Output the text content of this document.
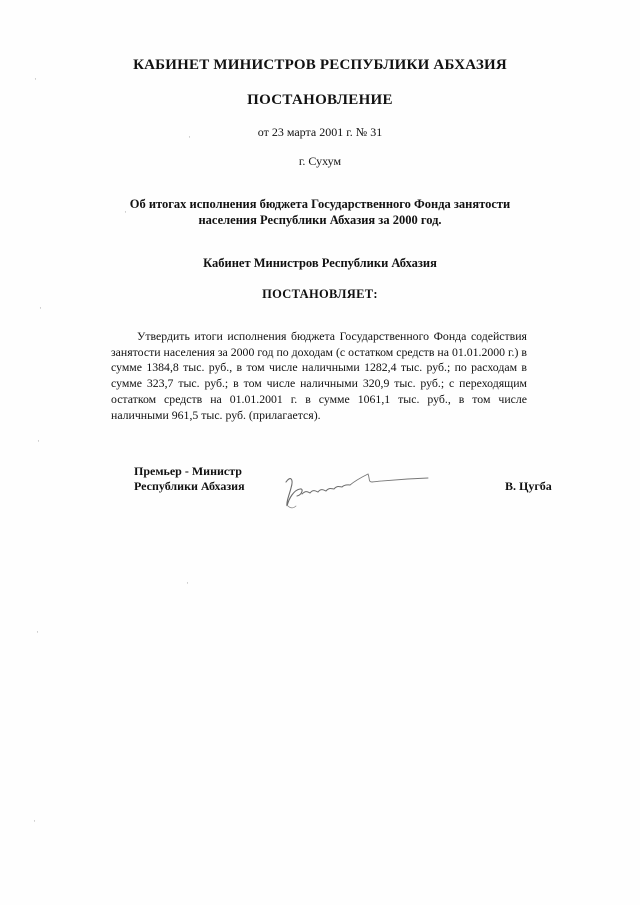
КАБИНЕТ МИНИСТРОВ РЕСПУБЛИКИ АБХАЗИЯ
ПОСТАНОВЛЕНИЕ
от 23 марта 2001 г. № 31
г. Сухум
Об итогах исполнения бюджета Государственного Фонда занятости
населения Республики Абхазия за 2000 год.
Кабинет Министров Республики Абхазия
ПОСТАНОВЛЯЕТ:
Утвердить итоги исполнения бюджета Государственного Фонда содействия занятости населения за 2000 год по доходам (с остатком средств на 01.01.2000 г.) в сумме 1384,8 тыс. руб., в том числе наличными 1282,4 тыс. руб.; по расходам в сумме 323,7 тыс. руб.; в том числе наличными 320,9 тыс. руб.; с переходящим остатком средств на 01.01.2001 г. в сумме 1061,1 тыс. руб., в том числе наличными 961,5 тыс. руб. (прилагается).
Премьер - Министр
Республики Абхазия	В. Цугба
·
·
·
·
·
·
·
·
